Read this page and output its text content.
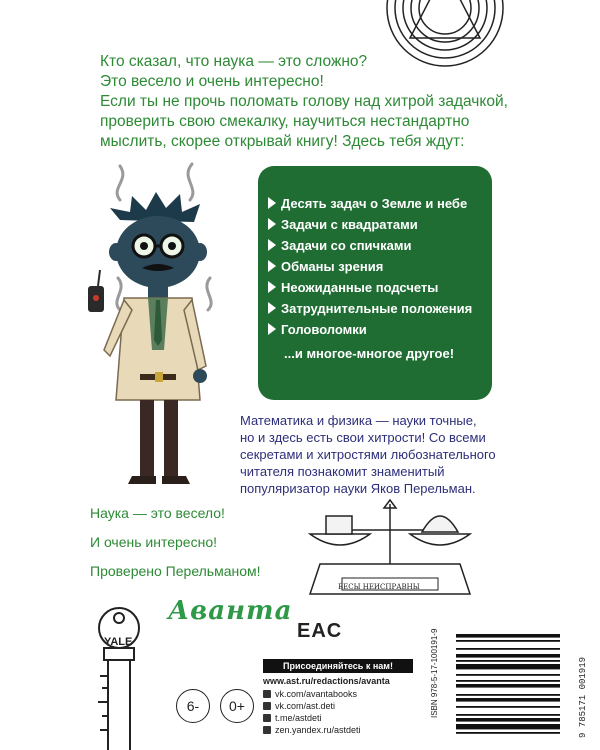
Кто сказал, что наука — это сложно?
Это весело и очень интересно!
Если ты не прочь поломать голову над хитрой задачкой,
проверить свою смекалку, научиться нестандартно
мыслить, скорее открывай книгу! Здесь тебя ждут:
Десять задач о Земле и небе
Задачи с квадратами
Задачи со спичками
Обманы зрения
Неожиданные подсчеты
Затруднительные положения
Головоломки
...и многое-многое другое!
Математика и физика — науки точные,
но и здесь есть свои хитрости! Со всеми
секретами и хитростями любознательного
читателя познакомит знаменитый
популяризатор науки Яков Перельман.
Наука — это весело!
И очень интересно!
Проверено Перельманом!
ВЕСЫ НЕИСПРАВНЫ
YALE
Аванта
EAC
6-	0+
Присоединяйтесь к нам!
www.ast.ru/redactions/avanta
vk.com/avantabooks
vk.com/ast.deti
t.me/astdeti
zen.yandex.ru/astdeti
ISBN 978-5-17-100191-9	9 785171 001919
